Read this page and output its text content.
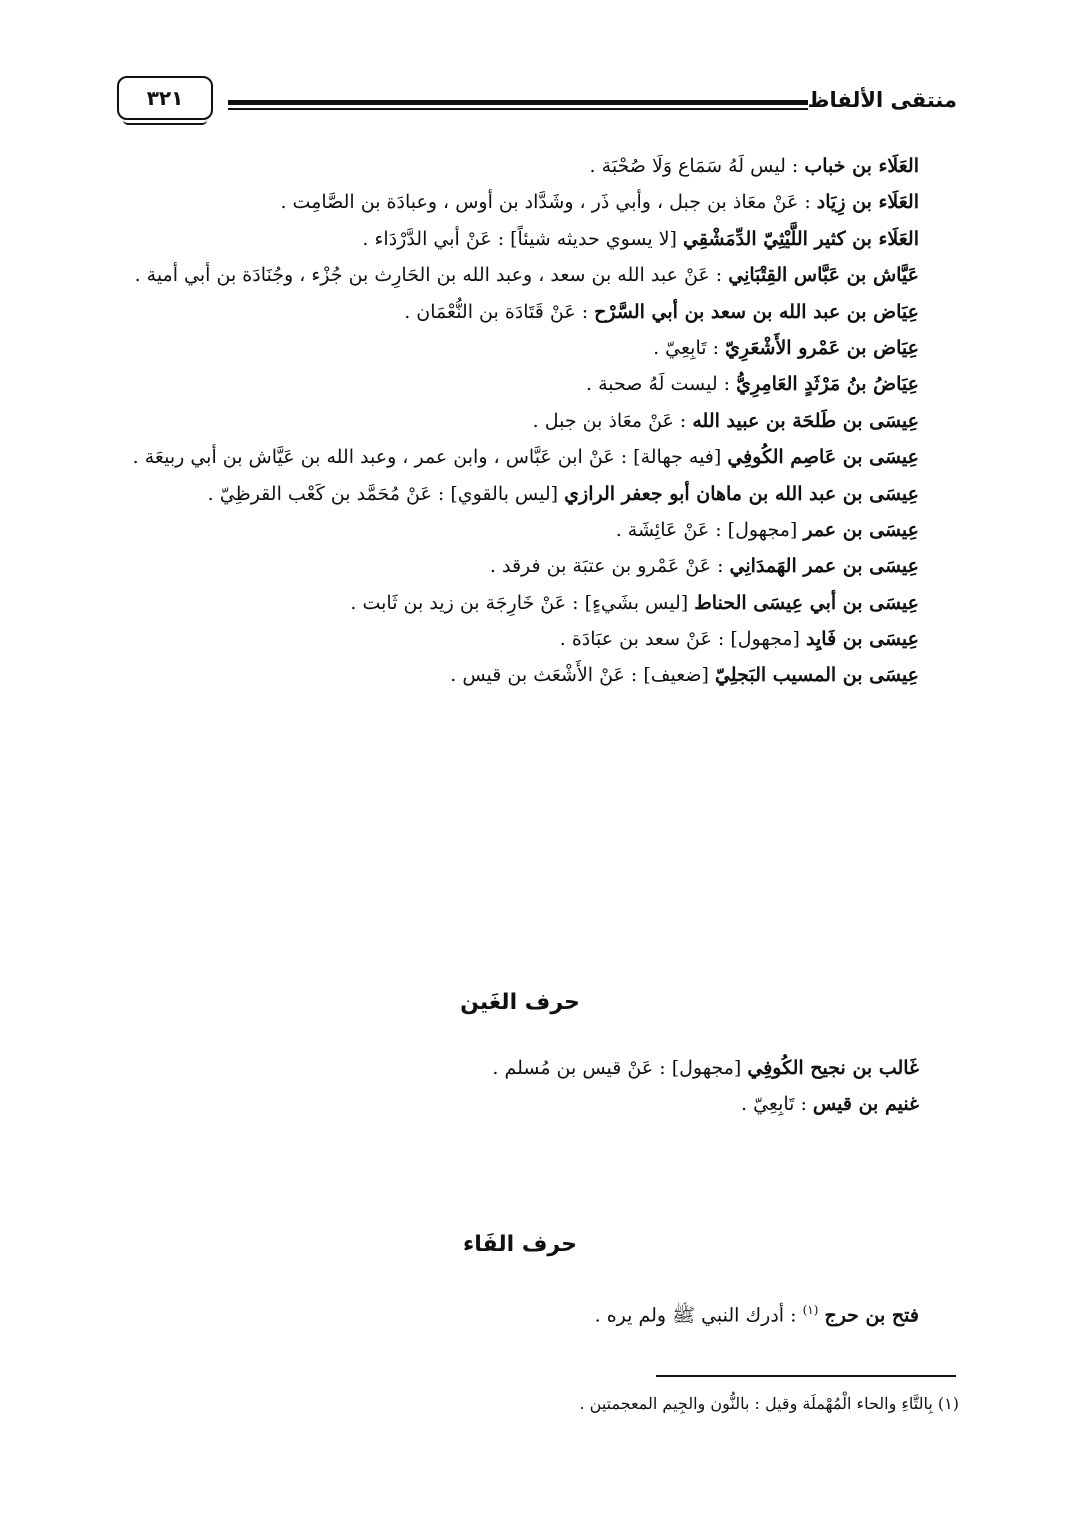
منتقى الألفاظ
٣٢١
العَلَاء بن خباب : ليس لَهُ سَمَاع وَلَا صُحْبَة .
العَلَاء بن زِيَاد : عَنْ معَاذ بن جبل ، وأبي ذَر ، وشَدَّاد بن أوس ، وعبادَة بن الصَّامِت .
العَلَاء بن كثير اللَّيْثِيّ الدِّمَشْقِي [لا يسوي حديثه شيئاً] : عَنْ أبي الدَّرْدَاء .
عَيَّاش بن عَبَّاس القِتْبَانِي : عَنْ عبد الله بن سعد ، وعبد الله بن الحَارِث بن جُزْء ، وجُنَادَة بن أبي أمية .
عِيَاض بن عبد الله بن سعد بن أبي السَّرْح : عَنْ قَتَادَة بن النُّعْمَان .
عِيَاض بن عَمْرو الأَشْعَرِيّ : تَابِعِيّ .
عِيَاضُ بنُ مَرْثَدٍ العَامِرِيُّ : ليست لَهُ صحبة .
عِيسَى بن طَلحَة بن عبيد الله : عَنْ معَاذ بن جبل .
عِيسَى بن عَاصِم الكُوفِي [فيه جهالة] : عَنْ ابن عَبَّاس ، وابن عمر ، وعبد الله بن عَيَّاش بن أبي ربيعَة .
عِيسَى بن عبد الله بن ماهان أبو جعفر الرازي [ليس بالقوي] : عَنْ مُحَمَّد بن كَعْب القرظِيّ .
عِيسَى بن عمر [مجهول] : عَنْ عَائِشَة .
عِيسَى بن عمر الهَمدَانِي : عَنْ عَمْرو بن عتبَة بن فرقد .
عِيسَى بن أبي عِيسَى الحناط [ليس بشَيءٍ] : عَنْ خَارِجَة بن زيد بن ثَابت .
عِيسَى بن فَايِد [مجهول] : عَنْ سعد بن عبَادَة .
عِيسَى بن المسيب البَجلِيّ [ضعيف] : عَنْ الأَشْعَث بن قيس .
حرف الغَين
غَالب بن نجيح الكُوفِي [مجهول] : عَنْ قيس بن مُسلم .
غنيم بن قيس : تَابِعِيّ .
حرف الفَاء
فتح بن حرج $^{(١)}$ : أدرك النبي ﷺ ولم يره .
(١) بِالتَّاءِ والحاء الْمُهْملَة وقيل : بالنُّون والجِيم المعجمتين .
